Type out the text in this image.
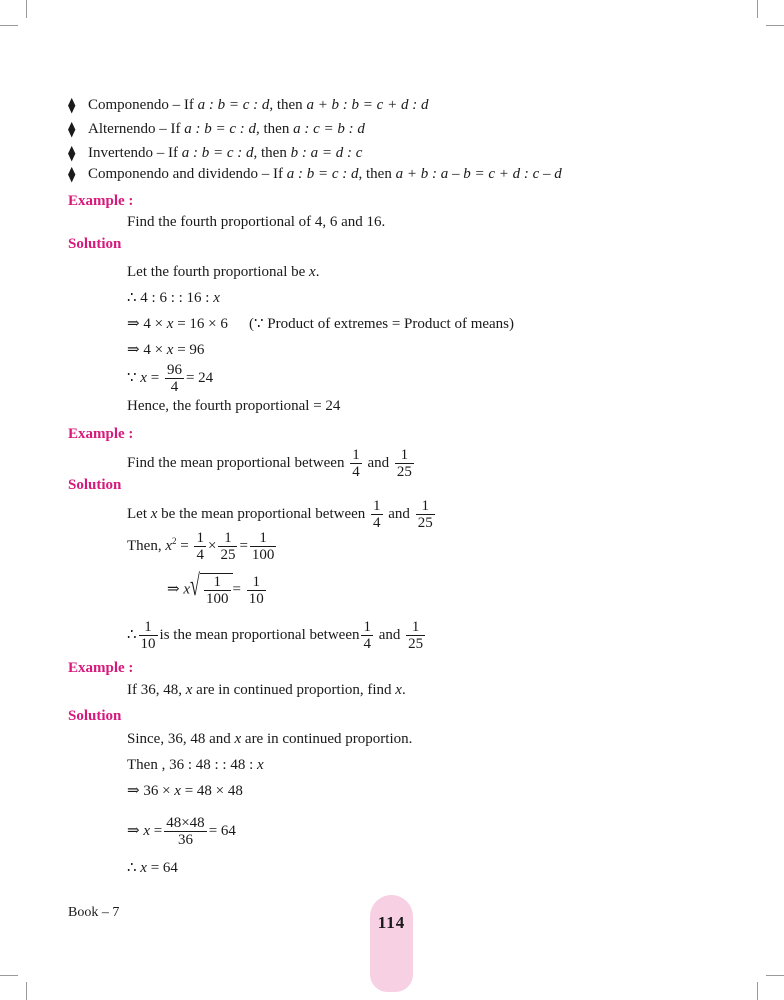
⧫ Componendo – If a : b = c : d, then a + b : b = c + d : d
⧫ Alternendo – If a : b = c : d, then a : c = b : d
⧫ Invertendo – If a : b = c : d, then b : a = d : c
⧫ Componendo and dividendo – If a : b = c : d, then a + b : a – b = c + d : c – d
Example :
Find the fourth proportional of 4, 6 and 16.
Solution
Let the fourth proportional be x.
∴ 4 : 6 : : 16 : x
⇒ 4 × x = 16 × 6 (∵ Product of extremes = Product of means)
⇒ 4 × x = 96
∵ $x = \frac{96}{4} = 24$
Hence, the fourth proportional = 24
Example :
Find the mean proportional between $\frac{1}{4}$ and $\frac{1}{25}$
Solution
Let x be the mean proportional between $\frac{1}{4}$ and $\frac{1}{25}$
Then, $x^2 = \frac{1}{4} \times \frac{1}{25} = \frac{1}{100}$
⇒ x √ $\frac{1}{100} = \frac{1}{10}$
∴ $\frac{1}{10}$ is the mean proportional between $\frac{1}{4}$ and $\frac{1}{25}$
Example :
If 36, 48, x are in continued proportion, find x.
Solution
Since, 36, 48 and x are in continued proportion.
Then , 36 : 48 : : 48 : x
⇒ 36 × x = 48 × 48
⇒ $x = \frac{48\times 48}{36} = 64$
∴ x = 64
Book – 7
114
